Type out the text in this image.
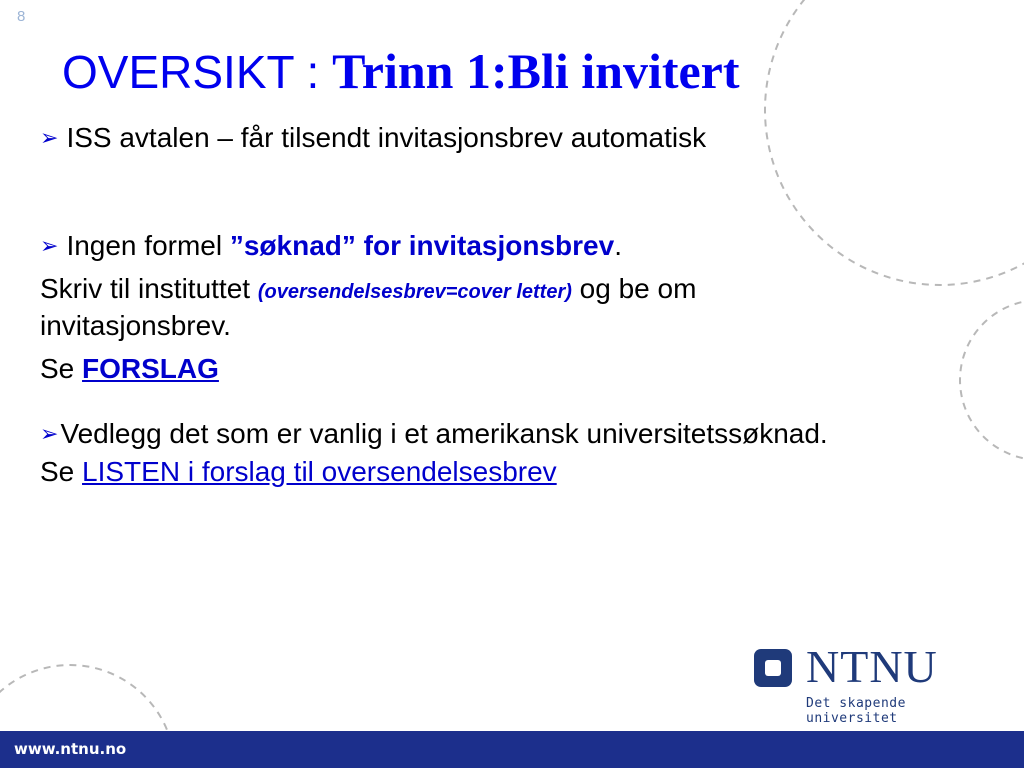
8
OVERSIKT : Trinn 1:Bli invitert
➢ ISS avtalen – får tilsendt invitasjonsbrev automatisk
➢ Ingen formel ”søknad” for invitasjonsbrev.
Skriv til instituttet (oversendelsesbrev=cover letter) og be om
invitasjonsbrev.
Se FORSLAG
➢Vedlegg det som er vanlig i et amerikansk universitetssøknad.
Se LISTEN i forslag til oversendelsesbrev
NTNU
Det skapende universitet
www.ntnu.no
